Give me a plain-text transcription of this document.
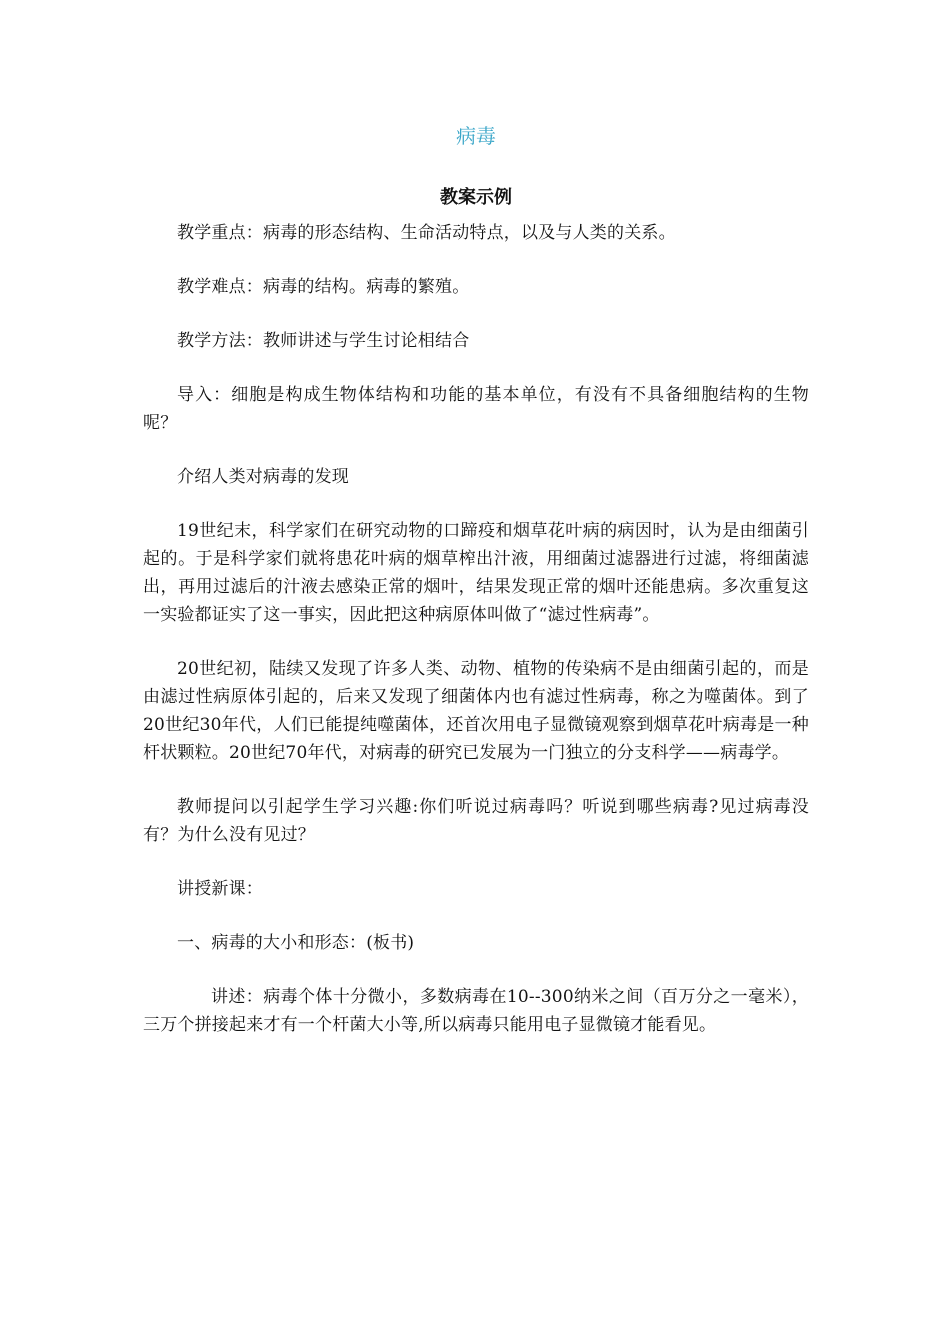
病毒
教案示例

教学重点：病毒的形态结构、生命活动特点，以及与人类的关系。

教学难点：病毒的结构。病毒的繁殖。

教学方法：教师讲述与学生讨论相结合

导入：细胞是构成生物体结构和功能的基本单位，有没有不具备细胞结构的生物呢？

介绍人类对病毒的发现

19世纪末，科学家们在研究动物的口蹄疫和烟草花叶病的病因时，认为是由细菌引起的。于是科学家们就将患花叶病的烟草榨出汁液，用细菌过滤器进行过滤，将细菌滤出，再用过滤后的汁液去感染正常的烟叶，结果发现正常的烟叶还能患病。多次重复这一实验都证实了这一事实，因此把这种病原体叫做了“滤过性病毒”。

20世纪初，陆续又发现了许多人类、动物、植物的传染病不是由细菌引起的，而是由滤过性病原体引起的，后来又发现了细菌体内也有滤过性病毒，称之为噬菌体。到了20世纪30年代，人们已能提纯噬菌体，还首次用电子显微镜观察到烟草花叶病毒是一种杆状颗粒。20世纪70年代，对病毒的研究已发展为一门独立的分支科学——病毒学。

教师提问以引起学生学习兴趣:你们听说过病毒吗？听说到哪些病毒?见过病毒没有？为什么没有见过？

讲授新课：

一、病毒的大小和形态：(板书)

讲述：病毒个体十分微小，多数病毒在10--300纳米之间（百万分之一毫米），三万个拼接起来才有一个杆菌大小等,所以病毒只能用电子显微镜才能看见。
